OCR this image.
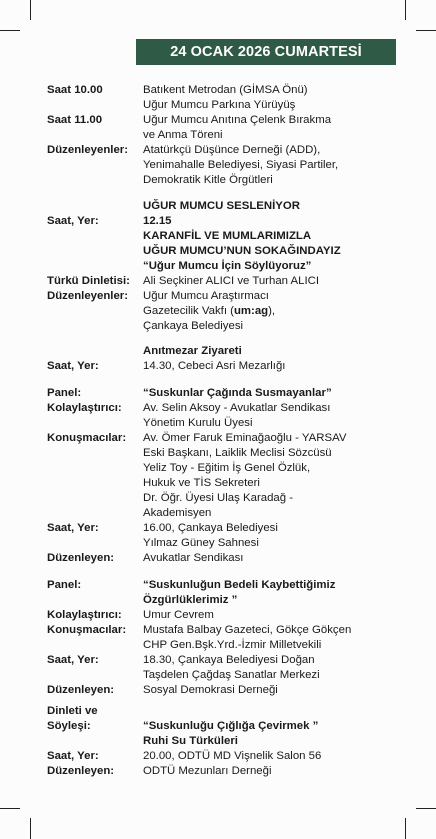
24 OCAK 2026 CUMARTESİ
Saat 10.00	Batıkent Metrodan (GİMSA Önü)
Uğur Mumcu Parkına Yürüyüş
Saat 11.00	Uğur Mumcu Anıtına Çelenk Bırakma
ve Anma Töreni
Düzenleyenler: Atatürkçü Düşünce Derneği (ADD),
Yenimahalle Belediyesi, Siyasi Partiler,
Demokratik Kitle Örgütleri
UĞUR MUMCU SESLENİYOR
Saat, Yer:	12.15
KARANFİL VE MUMLARIMIZLA
UĞUR MUMCU’NUN SOKAĞINDAYIZ
“Uğur Mumcu İçin Söylüyoruz”
Türkü Dinletisi: Ali Seçkiner ALICI ve Turhan ALICI
Düzenleyenler: Uğur Mumcu Araştırmacı
Gazetecilik Vakfı (um:ag),
Çankaya Belediyesi
Anıtmezar Ziyareti
Saat, Yer:	14.30, Cebeci Asri Mezarlığı
Panel:	“Suskunlar Çağında Susmayanlar”
Kolaylaştırıcı: Av. Selin Aksoy - Avukatlar Sendikası
Yönetim Kurulu Üyesi
Konuşmacılar: Av. Ömer Faruk Eminağaoğlu - YARSAV
Eski Başkanı, Laiklik Meclisi Sözcüsü
Yeliz Toy - Eğitim İş Genel Özlük,
Hukuk ve TİS Sekreteri
Dr. Öğr. Üyesi Ulaş Karadağ -
Akademisyen
Saat, Yer:	16.00, Çankaya Belediyesi
Yılmaz Güney Sahnesi
Düzenleyen:	Avukatlar Sendikası
Panel:	“Suskunluğun Bedeli Kaybettiğimiz
Özgürlüklerimiz ”
Kolaylaştırıcı: Umur Cevrem
Konuşmacılar: Mustafa Balbay Gazeteci, Gökçe Gökçen
CHP Gen.Bşk.Yrd.-İzmir Milletvekili
Saat, Yer:	18.30, Çankaya Belediyesi Doğan
Taşdelen Çağdaş Sanatlar Merkezi
Düzenleyen:	Sosyal Demokrasi Derneği
Dinleti ve
Söyleşi:	“Suskunluğu Çığlığa Çevirmek ”
Ruhi Su Türküleri
Saat, Yer:	20.00, ODTÜ MD Vişnelik Salon 56
Düzenleyen:	ODTÜ Mezunları Derneği
